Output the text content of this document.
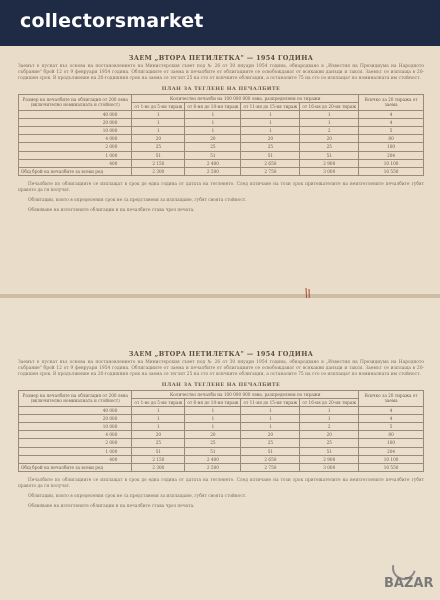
collectorsmarket
ЗАЕМ „ВТОРА ПЕТИЛЕТКА" — 1954 ГОДИНА
Заемът е пуснат въз основа на постановлението на Министерския съвет под № 26 от 30 януари 1954 година, обнародвано в „Известия на Президиума на Народното събрание" брой 12 от 9 февруари 1954 година. Облигациите от заема и печалбите от облигациите се освобождават от всякакви данъци и такси. Заемът се изплаща в 20-годишен срок. В продължение на 20-годишния срок на заема се теглят 25 на сто от всичките облигации, а останалите 75 на сто се изплащат по номиналната им стойност.
ПЛАН ЗА ТЕГЛЕНЕ НА ПЕЧАЛБИТЕ
Размер на печалбите на облигация от 200 лева (включително номиналната и стойност)	Количество печалби на 100 000 000 лева, разпределени по тиражи				Всичко за 20 тиража от заема
	от 1-во до 5-ия тираж	от 6-ия до 10-ия тираж	от 11-ия до 15-ия тираж	от 16-ия до 20-ия тираж	
40 000	1	1	1	1	4
20 000	1	1	1	1	4
10 000	1	1	1	2	5
4 000	20	20	20	20	80
2 000	25	25	25	25	100
1 000	51	51	51	51	204
400	2 150	2 400	2 650	2 900	10 100
Общ брой на печалбите за всеки ред	2 300	2 500	2 750	3 000	10 550

Печалбите по облигациите се изплащат в срок до една година от датата на тегленето. След изтичане на този срок притежателите на неизтеглените печалбите губят правото да ги получат.

Облигации, които в определения срок не са представени за изплащане, губят своята стойност.

Обявяване на изтеглените облигации и на печалбите става чрез печата.

ЗАЕМ „ВТОРА ПЕТИЛЕТКА" — 1954 ГОДИНА
Заемът е пуснат въз основа на постановлението на Министерския съвет под № 26 от 30 януари 1954 година, обнародвано в „Известия на Президиума на Народното събрание" брой 12 от 9 февруари 1954 година. Облигациите от заема и печалбите от облигациите се освобождават от всякакви данъци и такси. Заемът се изплаща в 20-годишен срок. В продължение на 20-годишния срок на заема се теглят 25 на сто от всичките облигации, а останалите 75 на сто се изплащат по номиналната им стойност.
ПЛАН ЗА ТЕГЛЕНЕ НА ПЕЧАЛБИТЕ
Размер на печалбите на облигация от 200 лева (включително номиналната и стойност)	Количество печалби на 100 000 000 лева, разпределени по тиражи				Всичко за 20 тиража от заема
	от 1-во до 5-ия тираж	от 6-ия до 10-ия тираж	от 11-ия до 15-ия тираж	от 16-ия до 20-ия тираж	
40 000	1	1	1	1	4
20 000	1	1	1	1	4
10 000	1	1	1	2	5
4 000	20	20	20	20	80
2 000	25	25	25	25	100
1 000	51	51	51	51	204
400	2 150	2 400	2 650	2 900	10 100
Общ брой на печалбите за всеки ред	2 300	2 500	2 750	3 000	10 550

Печалбите по облигациите се изплащат в срок до една година от датата на тегленето. След изтичане на този срок притежателите на неизтеглените печалбите губят правото да ги получат.

Облигации, които в определения срок не са представени за изплащане, губят своята стойност.

Обявяване на изтеглените облигации и на печалбите става чрез печата.

BAZAR
